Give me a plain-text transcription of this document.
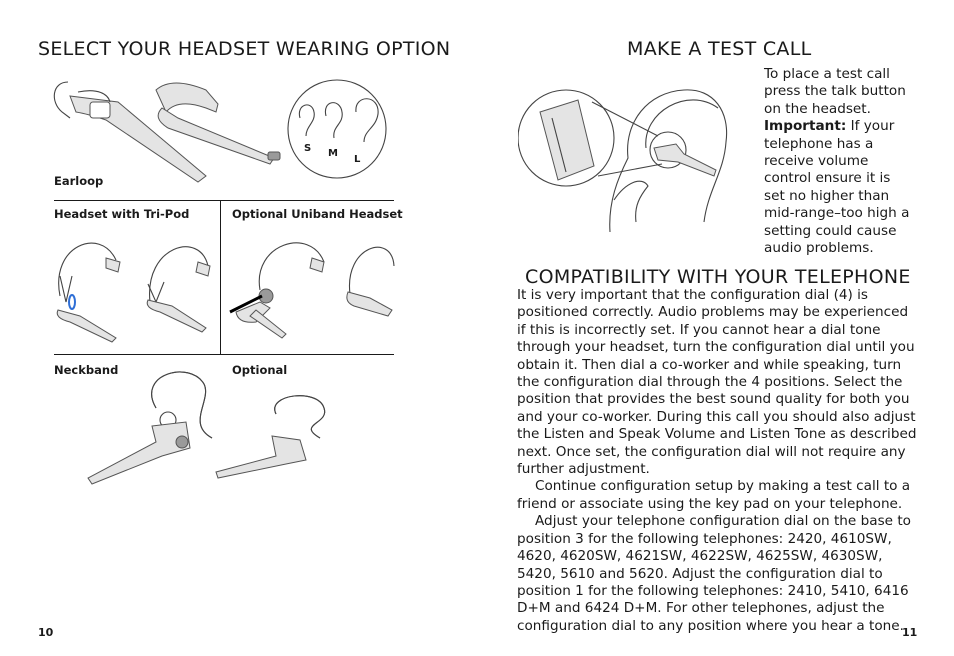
SELECT YOUR HEADSET WEARING OPTION
S M
L
Earloop
Headset with Tri-Pod	Optional Uniband Headset
Neckband	Optional
10
MAKE A TEST CALL
To place a test call press the talk button on the headset. Important: If your telephone has a receive volume control ensure it is set no higher than mid-range–too high a setting could cause audio problems.
COMPATIBILITY WITH YOUR TELEPHONE

It is very important that the configuration dial (4) is positioned correctly. Audio problems may be experienced if this is incorrectly set. If you cannot hear a dial tone through your headset, turn the configuration dial until you obtain it. Then dial a co-worker and while speaking, turn the configuration dial through the 4 positions. Select the position that provides the best sound quality for both you and your co-worker. During this call you should also adjust the Listen and Speak Volume and Listen Tone as described next. Once set, the configuration dial will not require any further adjustment.

Continue configuration setup by making a test call to a friend or associate using the key pad on your telephone.

Adjust your telephone configuration dial on the base to position 3 for the following telephones: 2420, 4610SW, 4620, 4620SW, 4621SW, 4622SW, 4625SW, 4630SW, 5420, 5610 and 5620. Adjust the configuration dial to position 1 for the following telephones: 2410, 5410, 6416 D+M and 6424 D+M. For other telephones, adjust the configuration dial to any position where you hear a tone.

11
